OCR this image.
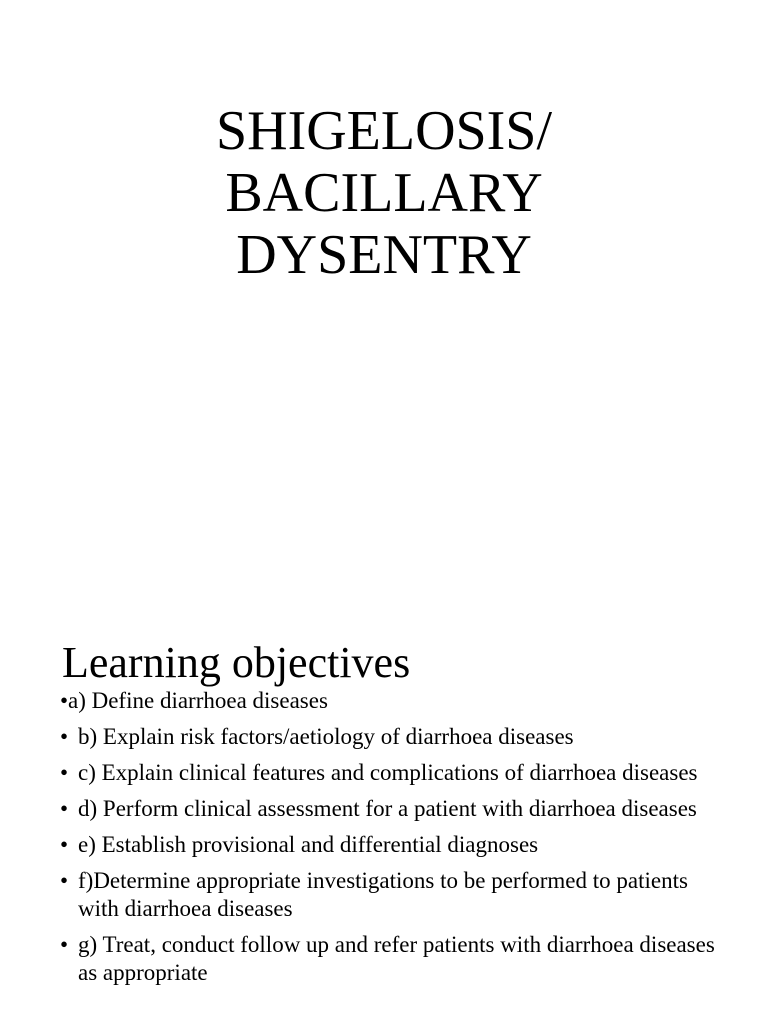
SHIGELOSIS/
BACILLARY
DYSENTRY
Learning objectives
• a) Define diarrhoea diseases
• b) Explain risk factors/aetiology of diarrhoea diseases
• c) Explain clinical features and complications of diarrhoea diseases
• d) Perform clinical assessment for a patient with diarrhoea diseases
• e) Establish provisional and differential diagnoses
• f)Determine appropriate investigations to be performed to patients with diarrhoea diseases
• g) Treat, conduct follow up and refer patients with diarrhoea diseases as appropriate
